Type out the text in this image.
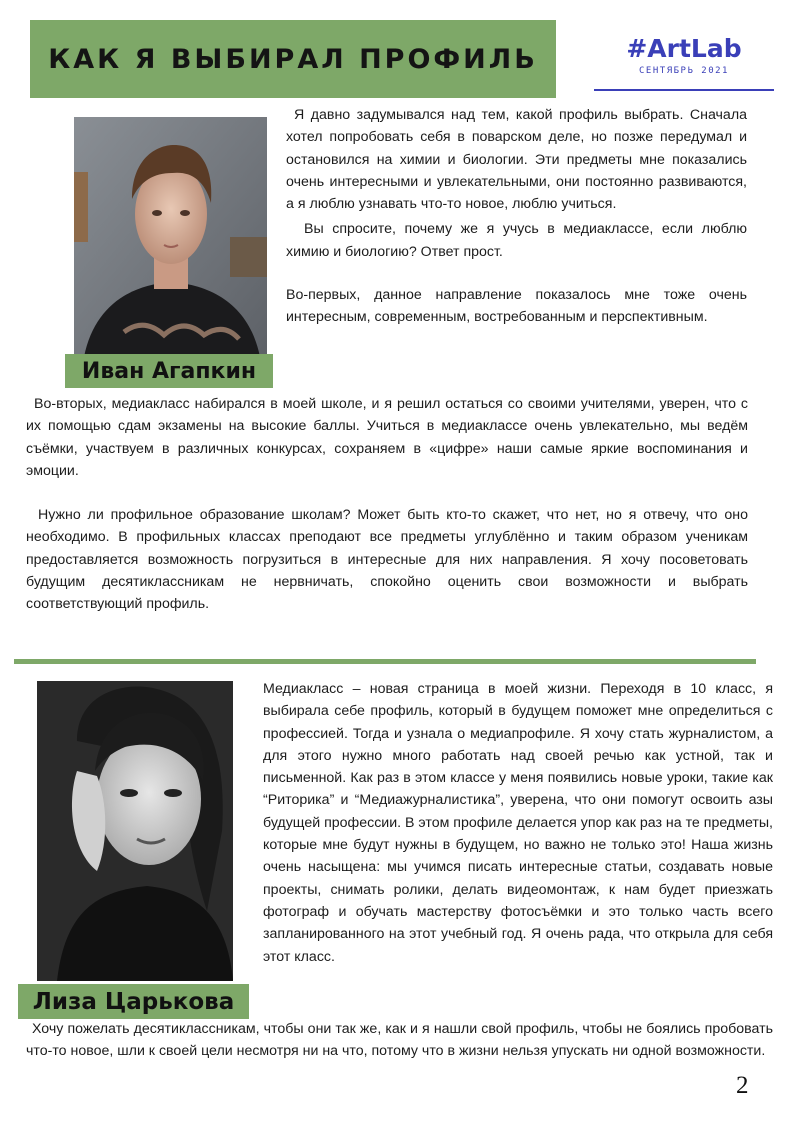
КАК Я ВЫБИРАЛ ПРОФИЛЬ	#ArtLab
СЕНТЯБРЬ 2021
Иван Агапкин

Я давно задумывался над тем, какой профиль выбрать. Сначала хотел попробовать себя в поварском деле, но позже передумал и остановился на химии и биологии. Эти предметы мне показались очень интересными и увлекательными, они постоянно развиваются, а я люблю узнавать что-то новое, люблю учиться.

Вы спросите, почему же я учусь в медиаклассе, если люблю химию и биологию? Ответ прост.

Во-первых, данное направление показалось мне тоже очень интересным, современным, востребованным и перспективным.

Во-вторых, медиакласс набирался в моей школе, и я решил остаться со своими учителями, уверен, что с их помощью сдам экзамены на высокие баллы. Учиться в медиаклассе очень увлекательно, мы ведём съёмки, участвуем в различных конкурсах, сохраняем в «цифре» наши самые яркие воспоминания и эмоции.

Нужно ли профильное образование школам? Может быть кто-то скажет, что нет, но я отвечу, что оно необходимо. В профильных классах преподают все предметы углублённо и таким образом ученикам предоставляется возможность погрузиться в интересные для них направления. Я хочу посоветовать будущим десятиклассникам не нервничать, спокойно оценить свои возможности и выбрать соответствующий профиль.

Лиза Царькова

Медиакласс – новая страница в моей жизни. Переходя в 10 класс, я выбирала себе профиль, который в будущем поможет мне определиться с профессией. Тогда и узнала о медиапрофиле. Я хочу стать журналистом, а для этого нужно много работать над своей речью как устной, так и письменной. Как раз в этом классе у меня появились новые уроки, такие как “Риторика” и “Медиажурналистика”, уверена, что они помогут освоить азы будущей профессии. В этом профиле делается упор как раз на те предметы, которые мне будут нужны в будущем, но важно не только это! Наша жизнь очень насыщена: мы учимся писать интересные статьи, создавать новые проекты, снимать ролики, делать видеомонтаж, к нам будет приезжать фотограф и обучать мастерству фотосъёмки и это только часть всего запланированного на этот учебный год. Я очень рада, что открыла для себя этот класс.

Хочу пожелать десятиклассникам, чтобы они так же, как и я нашли свой профиль, чтобы не боялись пробовать что-то новое, шли к своей цели несмотря ни на что, потому что в жизни нельзя упускать ни одной возможности.

2
